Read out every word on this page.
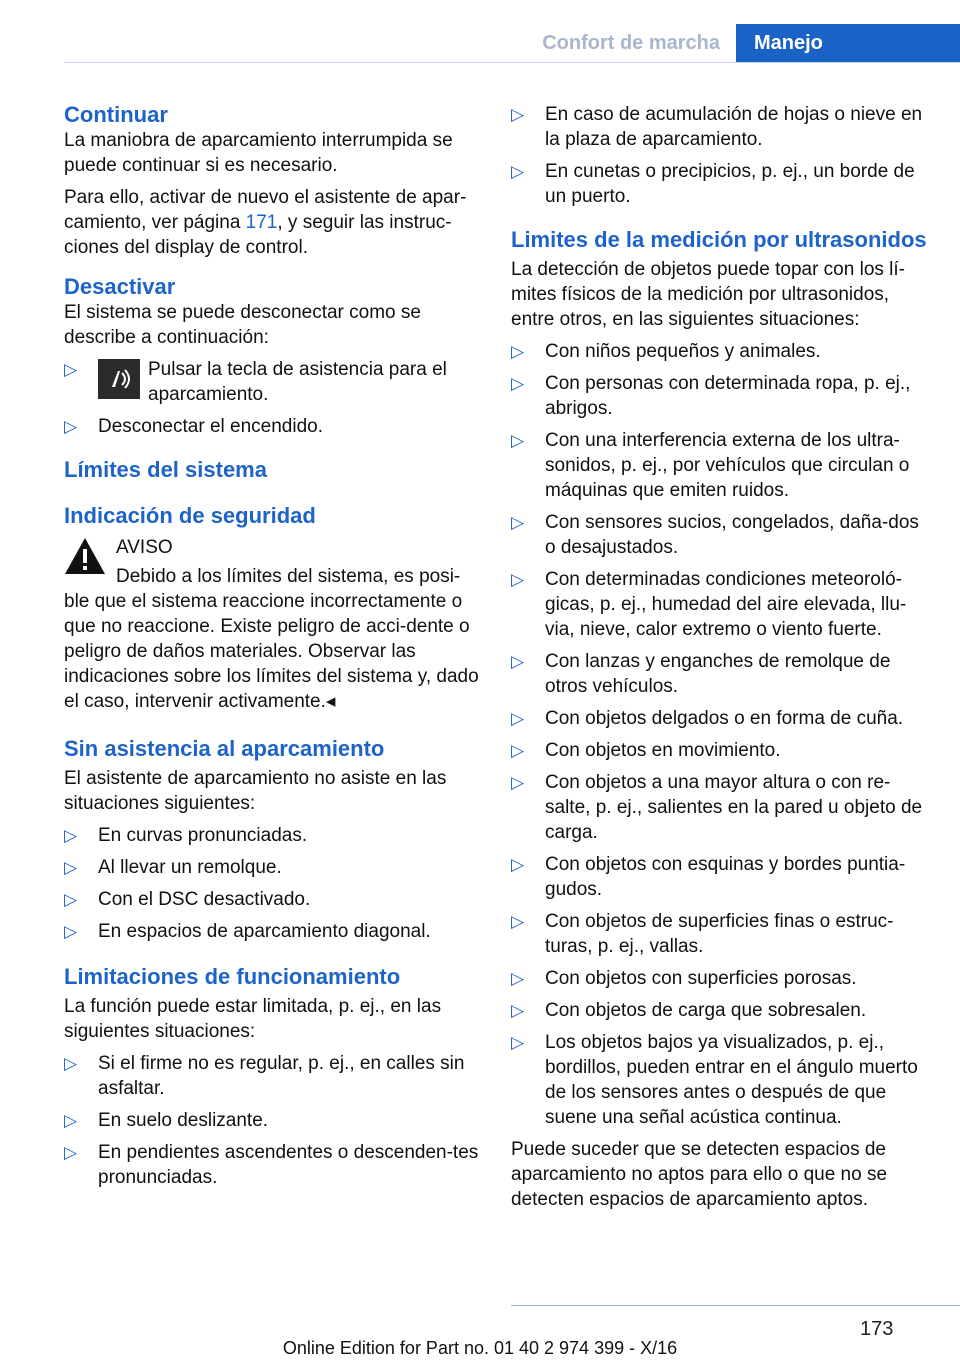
Confort de marcha	Manejo
Continuar

La maniobra de aparcamiento interrumpida se puede continuar si es necesario.

Para ello, activar de nuevo el asistente de apar-camiento, ver página 171, y seguir las instruc-ciones del display de control.

Desactivar

El sistema se puede desconectar como se describe a continuación:

▷	Pulsar la tecla de asistencia para el aparcamiento.
▷ Desconectar el encendido.
Límites del sistema
Indicación de seguridad
AVISO

Debido a los límites del sistema, es posi-ble que el sistema reaccione incorrectamente o que no reaccione. Existe peligro de acci-dente o peligro de daños materiales. Observar las indicaciones sobre los límites del sistema y, dado el caso, intervenir activamente.◂

Sin asistencia al aparcamiento

El asistente de aparcamiento no asiste en las situaciones siguientes:

▷ En curvas pronunciadas.
▷ Al llevar un remolque.
▷ Con el DSC desactivado.
▷ En espacios de aparcamiento diagonal.
Limitaciones de funcionamiento

La función puede estar limitada, p. ej., en las siguientes situaciones:

▷ Si el firme no es regular, p. ej., en calles sin asfaltar.
▷ En suelo deslizante.
▷ En pendientes ascendentes o descenden-tes pronunciadas.
▷ En caso de acumulación de hojas o nieve en la plaza de aparcamiento.
▷ En cunetas o precipicios, p. ej., un borde de un puerto.
Limites de la medición por ultrasonidos

La detección de objetos puede topar con los lí-mites físicos de la medición por ultrasonidos, entre otros, en las siguientes situaciones:

▷ Con niños pequeños y animales.
▷ Con personas con determinada ropa, p. ej., abrigos.
▷ Con una interferencia externa de los ultra-sonidos, p. ej., por vehículos que circulan o máquinas que emiten ruidos.
▷ Con sensores sucios, congelados, daña-dos o desajustados.
▷ Con determinadas condiciones meteoroló-gicas, p. ej., humedad del aire elevada, llu-via, nieve, calor extremo o viento fuerte.
▷ Con lanzas y enganches de remolque de otros vehículos.
▷ Con objetos delgados o en forma de cuña.
▷ Con objetos en movimiento.
▷ Con objetos a una mayor altura o con re-salte, p. ej., salientes en la pared u objeto de carga.
▷ Con objetos con esquinas y bordes puntia-gudos.
▷ Con objetos de superficies finas o estruc-turas, p. ej., vallas.
▷ Con objetos con superficies porosas.
▷ Con objetos de carga que sobresalen.
▷ Los objetos bajos ya visualizados, p. ej., bordillos, pueden entrar en el ángulo muerto de los sensores antes o después de que suene una señal acústica continua.

Puede suceder que se detecten espacios de aparcamiento no aptos para ello o que no se detecten espacios de aparcamiento aptos.

173
Online Edition for Part no. 01 40 2 974 399 - X/16
